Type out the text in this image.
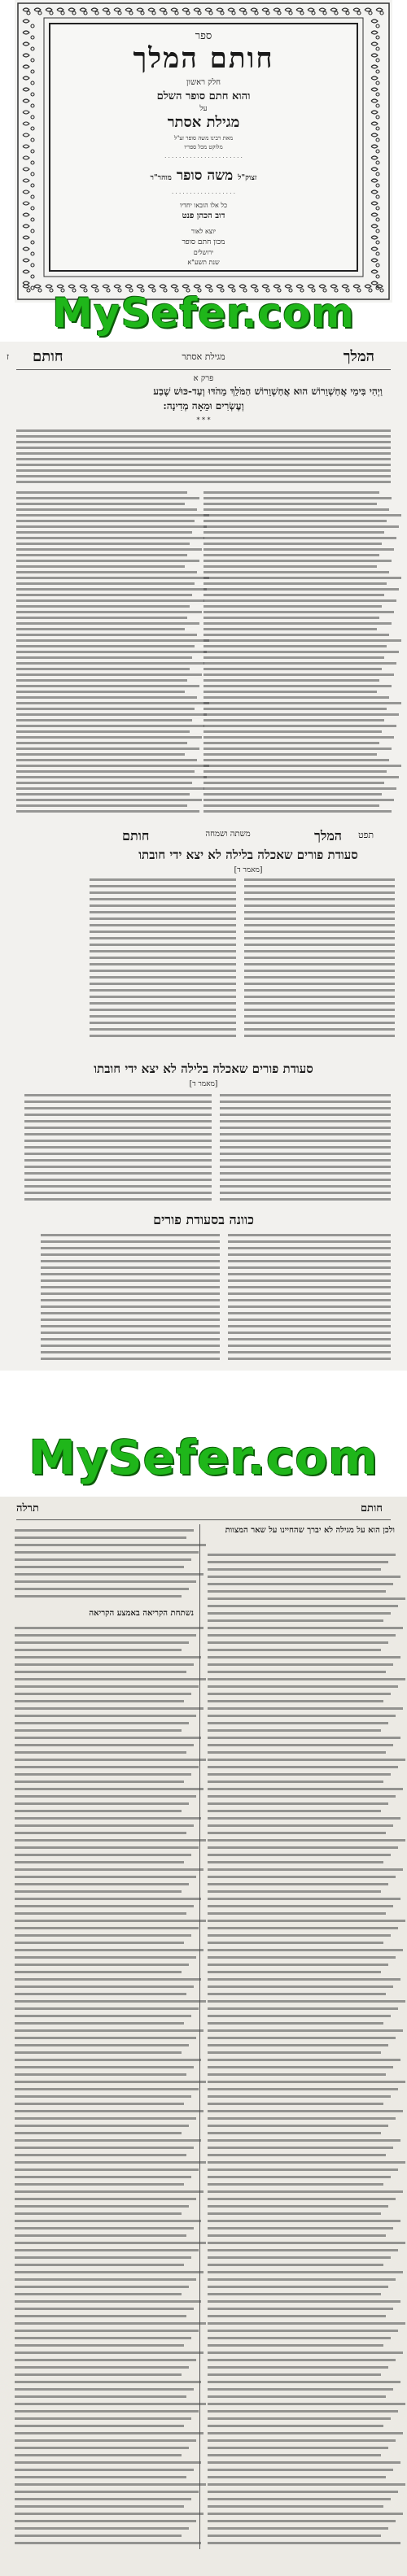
ספר
חותם המלך
חלק ראשון
והוא חתם סופר השלם
על
מגילת אסתר
מאת רבינו משה סופר זצ"ל
מלוקט מכל ספריו
· · · · · · · · · · · · · · · · · · · · · ·
זצוק"ל משה סופר מוהר"ר
· · · · · · · · · · · · · · · · · ·
כל אלו הובאו יחדיו
דוב הכהן פנט
יוצא לאור
מכון חתם סופר
ירושלים
שנת תשע"א
MySefer.com
חותם	מגילת אסתר	המלך
ז
פרק א
וַיְהִי בִּימֵי אֲחַשְׁוֵרוֹשׁ הוּא אֲחַשְׁוֵרוֹשׁ הַמֹּלֵךְ מֵהֹדּוּ וְעַד-כּוּשׁ שֶׁבַע
וְעֶשְׂרִים וּמֵאָה מְדִינָה:
* * *
חותם	משתה ושמחה	המלך תפט
סעודת פורים שאכלה בלילה לא יצא ידי חובתו
[מאמר ד]
סעודת פורים שאכלה בלילה לא יצא ידי חובתו
[מאמר ד]
כוונה בסעודת פורים
MySefer.com
תרלה	חותם
ולכן הוא על מגילה לא יברך שהחיינו על שאר המצוות
נשתחת הקריאה באמצע הקריאה
